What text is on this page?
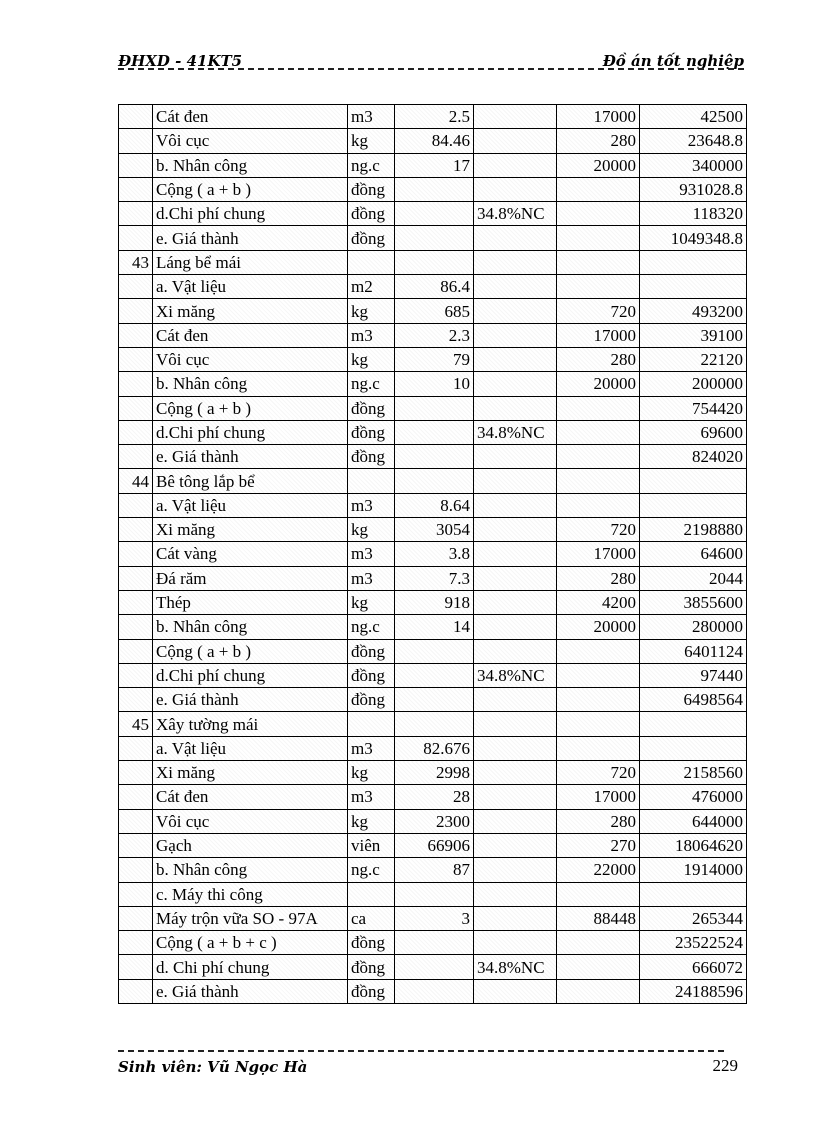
ĐHXD - 41KT5	Đồ án tốt nghiệp
	Cát đen	m3	2.5		17000	42500
	Vôi cục	kg	84.46		280	23648.8
	b. Nhân công	ng.c	17		20000	340000
	Cộng ( a + b )	đồng				931028.8
	d.Chi phí chung	đồng		34.8%NC		118320
	e. Giá thành	đồng				1049348.8
43	Láng bể mái					
	a. Vật liệu	m2	86.4			
	Xi măng	kg	685		720	493200
	Cát đen	m3	2.3		17000	39100
	Vôi cục	kg	79		280	22120
	b. Nhân công	ng.c	10		20000	200000
	Cộng ( a + b )	đồng				754420
	d.Chi phí chung	đồng		34.8%NC		69600
	e. Giá thành	đồng				824020
44	Bê tông lắp bể					
	a. Vật liệu	m3	8.64			
	Xi măng	kg	3054		720	2198880
	Cát vàng	m3	3.8		17000	64600
	Đá răm	m3	7.3		280	2044
	Thép	kg	918		4200	3855600
	b. Nhân công	ng.c	14		20000	280000
	Cộng ( a + b )	đồng				6401124
	d.Chi phí chung	đồng		34.8%NC		97440
	e. Giá thành	đồng				6498564
45	Xây tường mái					
	a. Vật liệu	m3	82.676			
	Xi măng	kg	2998		720	2158560
	Cát đen	m3	28		17000	476000
	Vôi cục	kg	2300		280	644000
	Gạch	viên	66906		270	18064620
	b. Nhân công	ng.c	87		22000	1914000
	c. Máy thi công					
	Máy trộn vữa SO - 97A	ca	3		88448	265344
	Cộng ( a + b + c )	đồng				23522524
	d. Chi phí chung	đồng		34.8%NC		666072
	e. Giá thành	đồng				24188596
Sinh viên: Vũ Ngọc Hà	229
